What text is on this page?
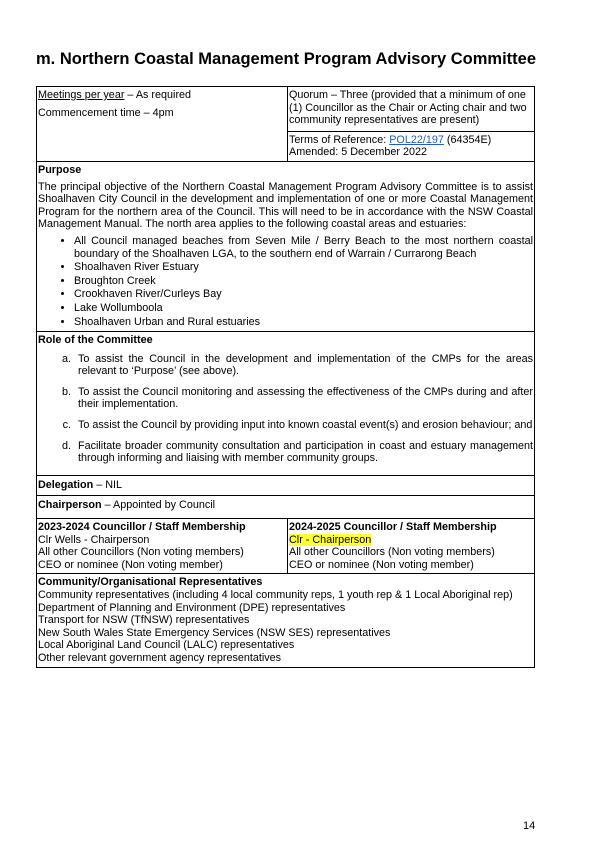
m. Northern Coastal Management Program Advisory Committee
Meetings per year – As required
Commencement time – 4pm
Quorum – Three (provided that a minimum of one (1) Councillor as the Chair or Acting chair and two community representatives are present)
Terms of Reference: POL22/197 (64354E)
Amended: 5 December 2022
Purpose
The principal objective of the Northern Coastal Management Program Advisory Committee is to assist Shoalhaven City Council in the development and implementation of one or more Coastal Management Program for the northern area of the Council. This will need to be in accordance with the NSW Coastal Management Manual. The north area applies to the following coastal areas and estuaries:
• All Council managed beaches from Seven Mile / Berry Beach to the most northern coastal boundary of the Shoalhaven LGA, to the southern end of Warrain / Currarong Beach
• Shoalhaven River Estuary
• Broughton Creek
• Crookhaven River/Curleys Bay
• Lake Wollumboola
• Shoalhaven Urban and Rural estuaries
Role of the Committee
a. To assist the Council in the development and implementation of the CMPs for the areas relevant to ‘Purpose’ (see above).
b. To assist the Council monitoring and assessing the effectiveness of the CMPs during and after their implementation.
c. To assist the Council by providing input into known coastal event(s) and erosion behaviour; and
d. Facilitate broader community consultation and participation in coast and estuary management through informing and liaising with member community groups.
Delegation – NIL
Chairperson – Appointed by Council
2023-2024 Councillor / Staff Membership
Clr Wells - Chairperson
All other Councillors (Non voting members)
CEO or nominee (Non voting member)
2024-2025 Councillor / Staff Membership
Clr - Chairperson
All other Councillors (Non voting members)
CEO or nominee (Non voting member)
Community/Organisational Representatives
Community representatives (including 4 local community reps, 1 youth rep & 1 Local Aboriginal rep)
Department of Planning and Environment (DPE) representatives
Transport for NSW (TfNSW) representatives
New South Wales State Emergency Services (NSW SES) representatives
Local Aboriginal Land Council (LALC) representatives
Other relevant government agency representatives
14
